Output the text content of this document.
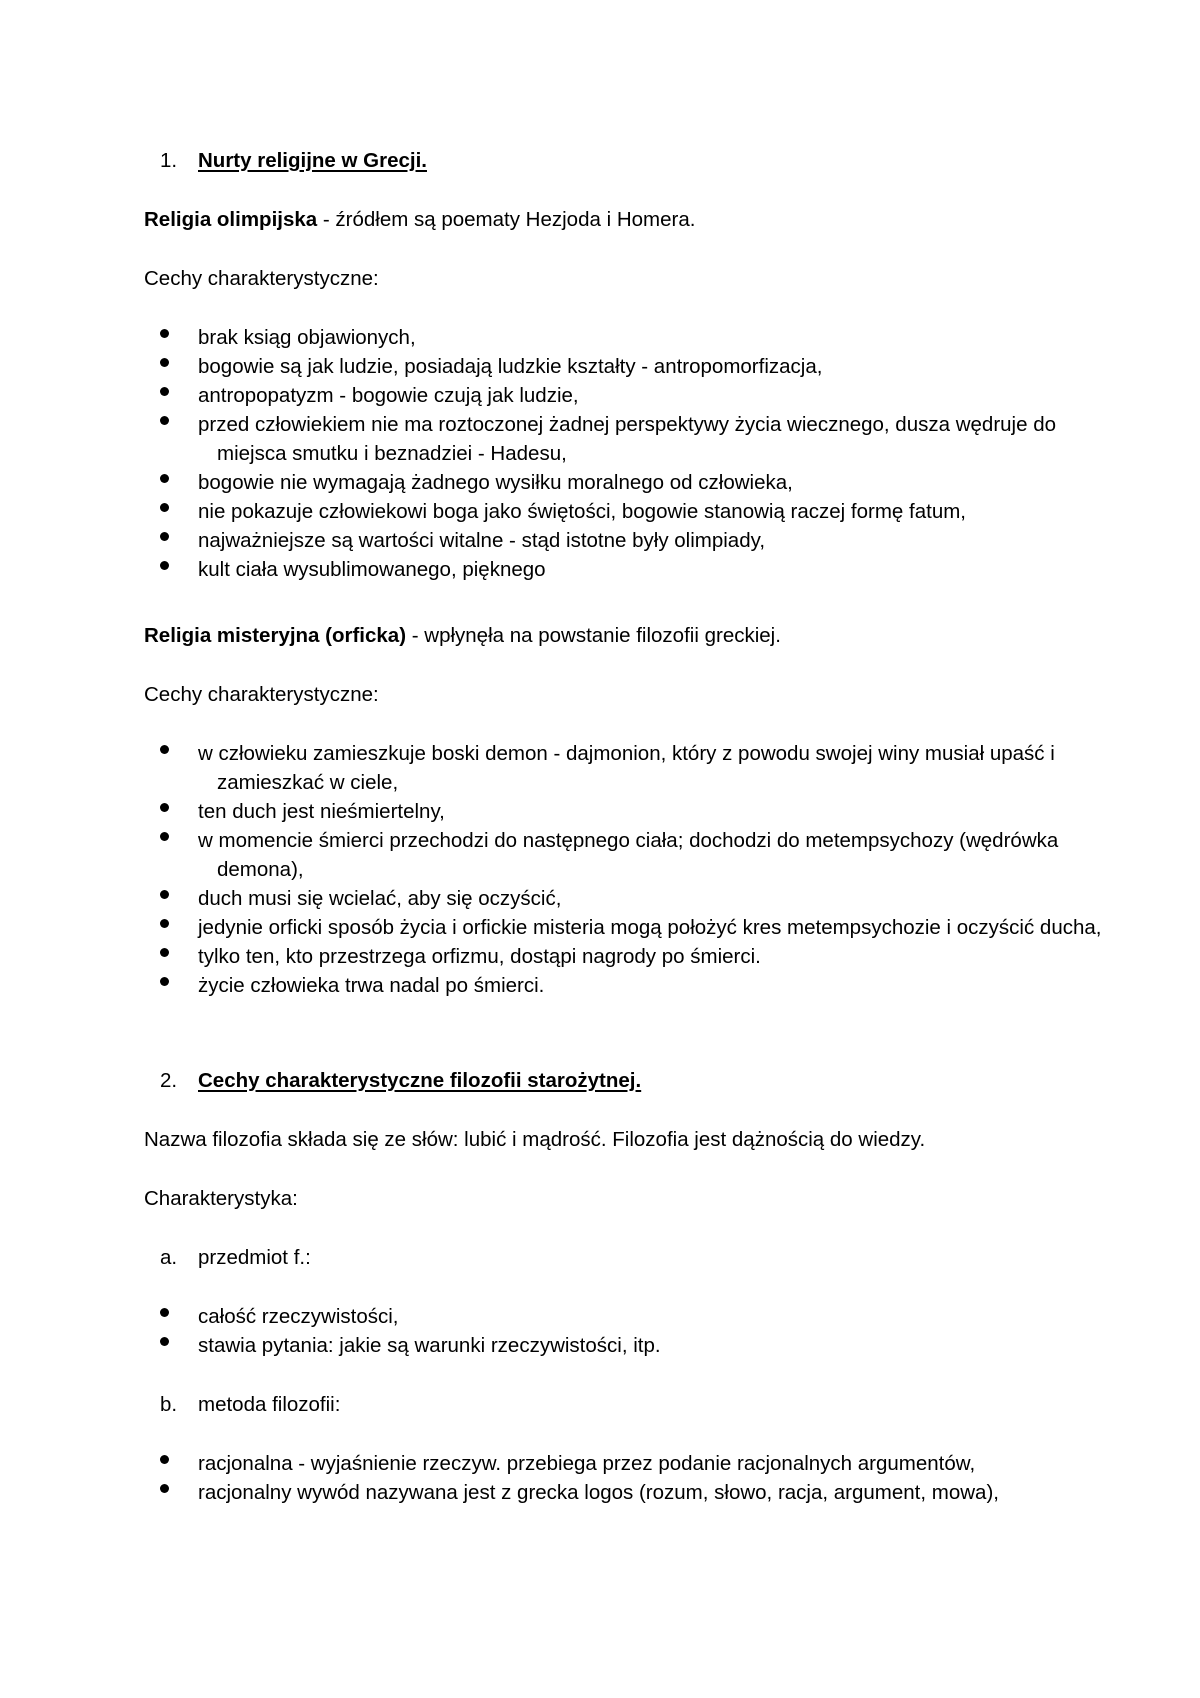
1.	Nurty religijne w Grecji.
Religia olimpijska - źródłem są poematy Hezjoda i Homera.
Cechy charakterystyczne:
brak ksiąg objawionych,
bogowie są jak ludzie, posiadają ludzkie kształty - antropomorfizacja,
antropopatyzm - bogowie czują jak ludzie,
przed człowiekiem nie ma roztoczonej żadnej perspektywy życia wiecznego, dusza wędruje do miejsca smutku i beznadziei - Hadesu,
bogowie nie wymagają żadnego wysiłku moralnego od człowieka,
nie pokazuje człowiekowi boga jako świętości, bogowie stanowią raczej formę fatum,
najważniejsze są wartości witalne - stąd istotne były olimpiady,
kult ciała wysublimowanego, pięknego
Religia misteryjna (orficka) - wpłynęła na powstanie filozofii greckiej.
Cechy charakterystyczne:
w człowieku zamieszkuje boski demon - dajmonion, który z powodu swojej winy musiał upaść i zamieszkać w ciele,
ten duch jest nieśmiertelny,
w momencie śmierci przechodzi do następnego ciała; dochodzi do metempsychozy (wędrówka demona),
duch musi się wcielać, aby się oczyścić,
jedynie orficki sposób życia i orfickie misteria mogą położyć kres metempsychozie i oczyścić ducha,
tylko ten, kto przestrzega orfizmu, dostąpi nagrody po śmierci.
życie człowieka trwa nadal po śmierci.
2.	Cechy charakterystyczne filozofii starożytnej.
Nazwa filozofia składa się ze słów: lubić i mądrość. Filozofia jest dążnością do wiedzy.
Charakterystyka:
a.	przedmiot f.:
całość rzeczywistości,
stawia pytania: jakie są warunki rzeczywistości, itp.
b.	metoda filozofii:
racjonalna - wyjaśnienie rzeczyw. przebiega przez podanie racjonalnych argumentów,
racjonalny wywód nazywana jest z grecka logos (rozum, słowo, racja, argument, mowa),
